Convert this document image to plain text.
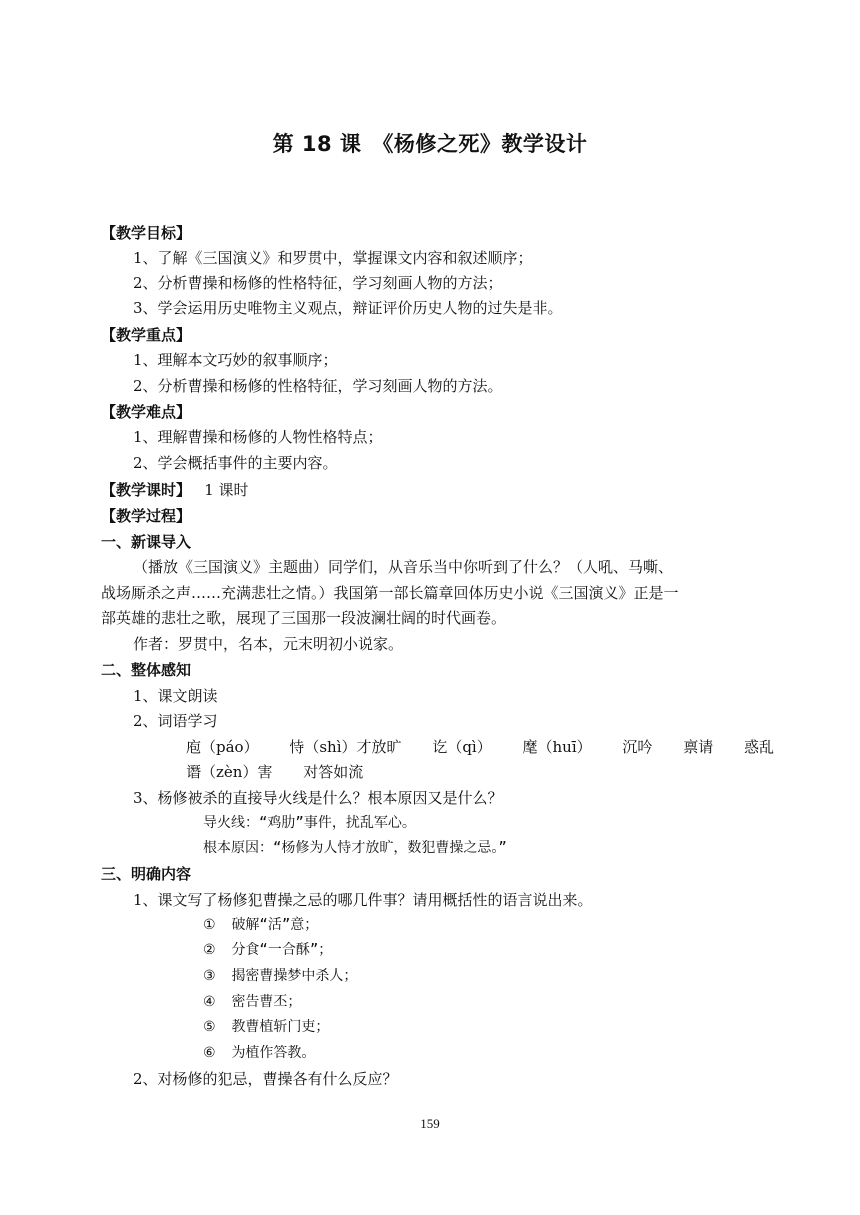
第 18 课　《杨修之死》教学设计
【教学目标】
1、了解《三国演义》和罗贯中，掌握课文内容和叙述顺序；
2、分析曹操和杨修的性格特征，学习刻画人物的方法；
3、学会运用历史唯物主义观点，辩证评价历史人物的过失是非。
【教学重点】
1、理解本文巧妙的叙事顺序；
2、分析曹操和杨修的性格特征，学习刻画人物的方法。
【教学难点】
1、理解曹操和杨修的人物性格特点；
2、学会概括事件的主要内容。
【教学课时】 1 课时
【教学过程】
一、新课导入
（播放《三国演义》主题曲）同学们，从音乐当中你听到了什么？（人吼、马嘶、
战场厮杀之声……充满悲壮之情。）我国第一部长篇章回体历史小说《三国演义》正是一
部英雄的悲壮之歌，展现了三国那一段波澜壮阔的时代画卷。
作者：罗贯中，名本，元末明初小说家。
二、整体感知
1、课文朗读
2、词语学习
庖（páo） 恃（shì）才放旷 讫（qì） 麾（huī） 沉吟 禀请 惑乱
谮（zèn）害 对答如流
3、杨修被杀的直接导火线是什么？根本原因又是什么？
导火线：“鸡肋”事件，扰乱军心。
根本原因：“杨修为人恃才放旷，数犯曹操之忌。”
三、明确内容
1、课文写了杨修犯曹操之忌的哪几件事？请用概括性的语言说出来。
① 破解“活”意；
② 分食“一合酥”；
③ 揭密曹操梦中杀人；
④ 密告曹丕；
⑤ 教曹植斩门吏；
⑥ 为植作答教。
2、对杨修的犯忌，曹操各有什么反应？
159
